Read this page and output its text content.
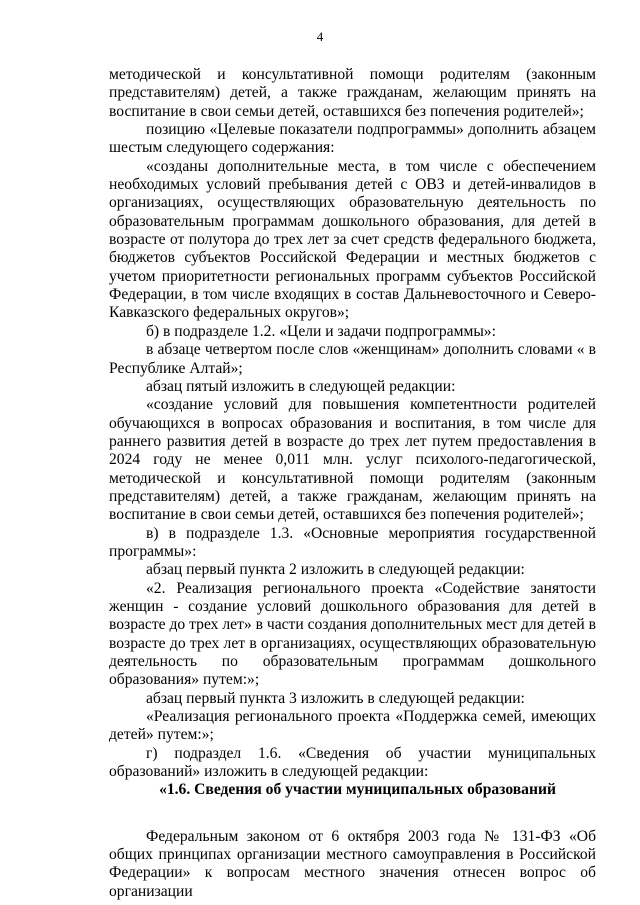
4

методической и консультативной помощи родителям (законным представителям) детей, а также гражданам, желающим принять на воспитание в свои семьи детей, оставшихся без попечения родителей»;

позицию «Целевые показатели подпрограммы» дополнить абзацем шестым следующего содержания:

«созданы дополнительные места, в том числе с обеспечением необходимых условий пребывания детей с ОВЗ и детей-инвалидов в организациях, осуществляющих образовательную деятельность по образовательным программам дошкольного образования, для детей в возрасте от полутора до трех лет за счет средств федерального бюджета, бюджетов субъектов Российской Федерации и местных бюджетов с учетом приоритетности региональных программ субъектов Российской Федерации, в том числе входящих в состав Дальневосточного и Северо-Кавказского федеральных округов»;

б) в подразделе 1.2. «Цели и задачи подпрограммы»:

в абзаце четвертом после слов «женщинам» дополнить словами « в Республике Алтай»;

абзац пятый изложить в следующей редакции:

«создание условий для повышения компетентности родителей обучающихся в вопросах образования и воспитания, в том числе для раннего развития детей в возрасте до трех лет путем предоставления в 2024 году не менее 0,011 млн. услуг психолого-педагогической, методической и консультативной помощи родителям (законным представителям) детей, а также гражданам, желающим принять на воспитание в свои семьи детей, оставшихся без попечения родителей»;

в) в подразделе 1.3. «Основные мероприятия государственной программы»:

абзац первый пункта 2 изложить в следующей редакции:

«2. Реализация регионального проекта «Содействие занятости женщин - создание условий дошкольного образования для детей в возрасте до трех лет» в части создания дополнительных мест для детей в возрасте до трех лет в организациях, осуществляющих образовательную деятельность по образовательным программам дошкольного образования» путем:»;

абзац первый пункта 3 изложить в следующей редакции:

«Реализация регионального проекта «Поддержка семей, имеющих детей» путем:»;

г) подраздел 1.6. «Сведения об участии муниципальных образований» изложить в следующей редакции:

«1.6. Сведения об участии муниципальных образований

Федеральным законом от 6 октября 2003 года № 131-ФЗ «Об общих принципах организации местного самоуправления в Российской Федерации» к вопросам местного значения отнесен вопрос об организации
